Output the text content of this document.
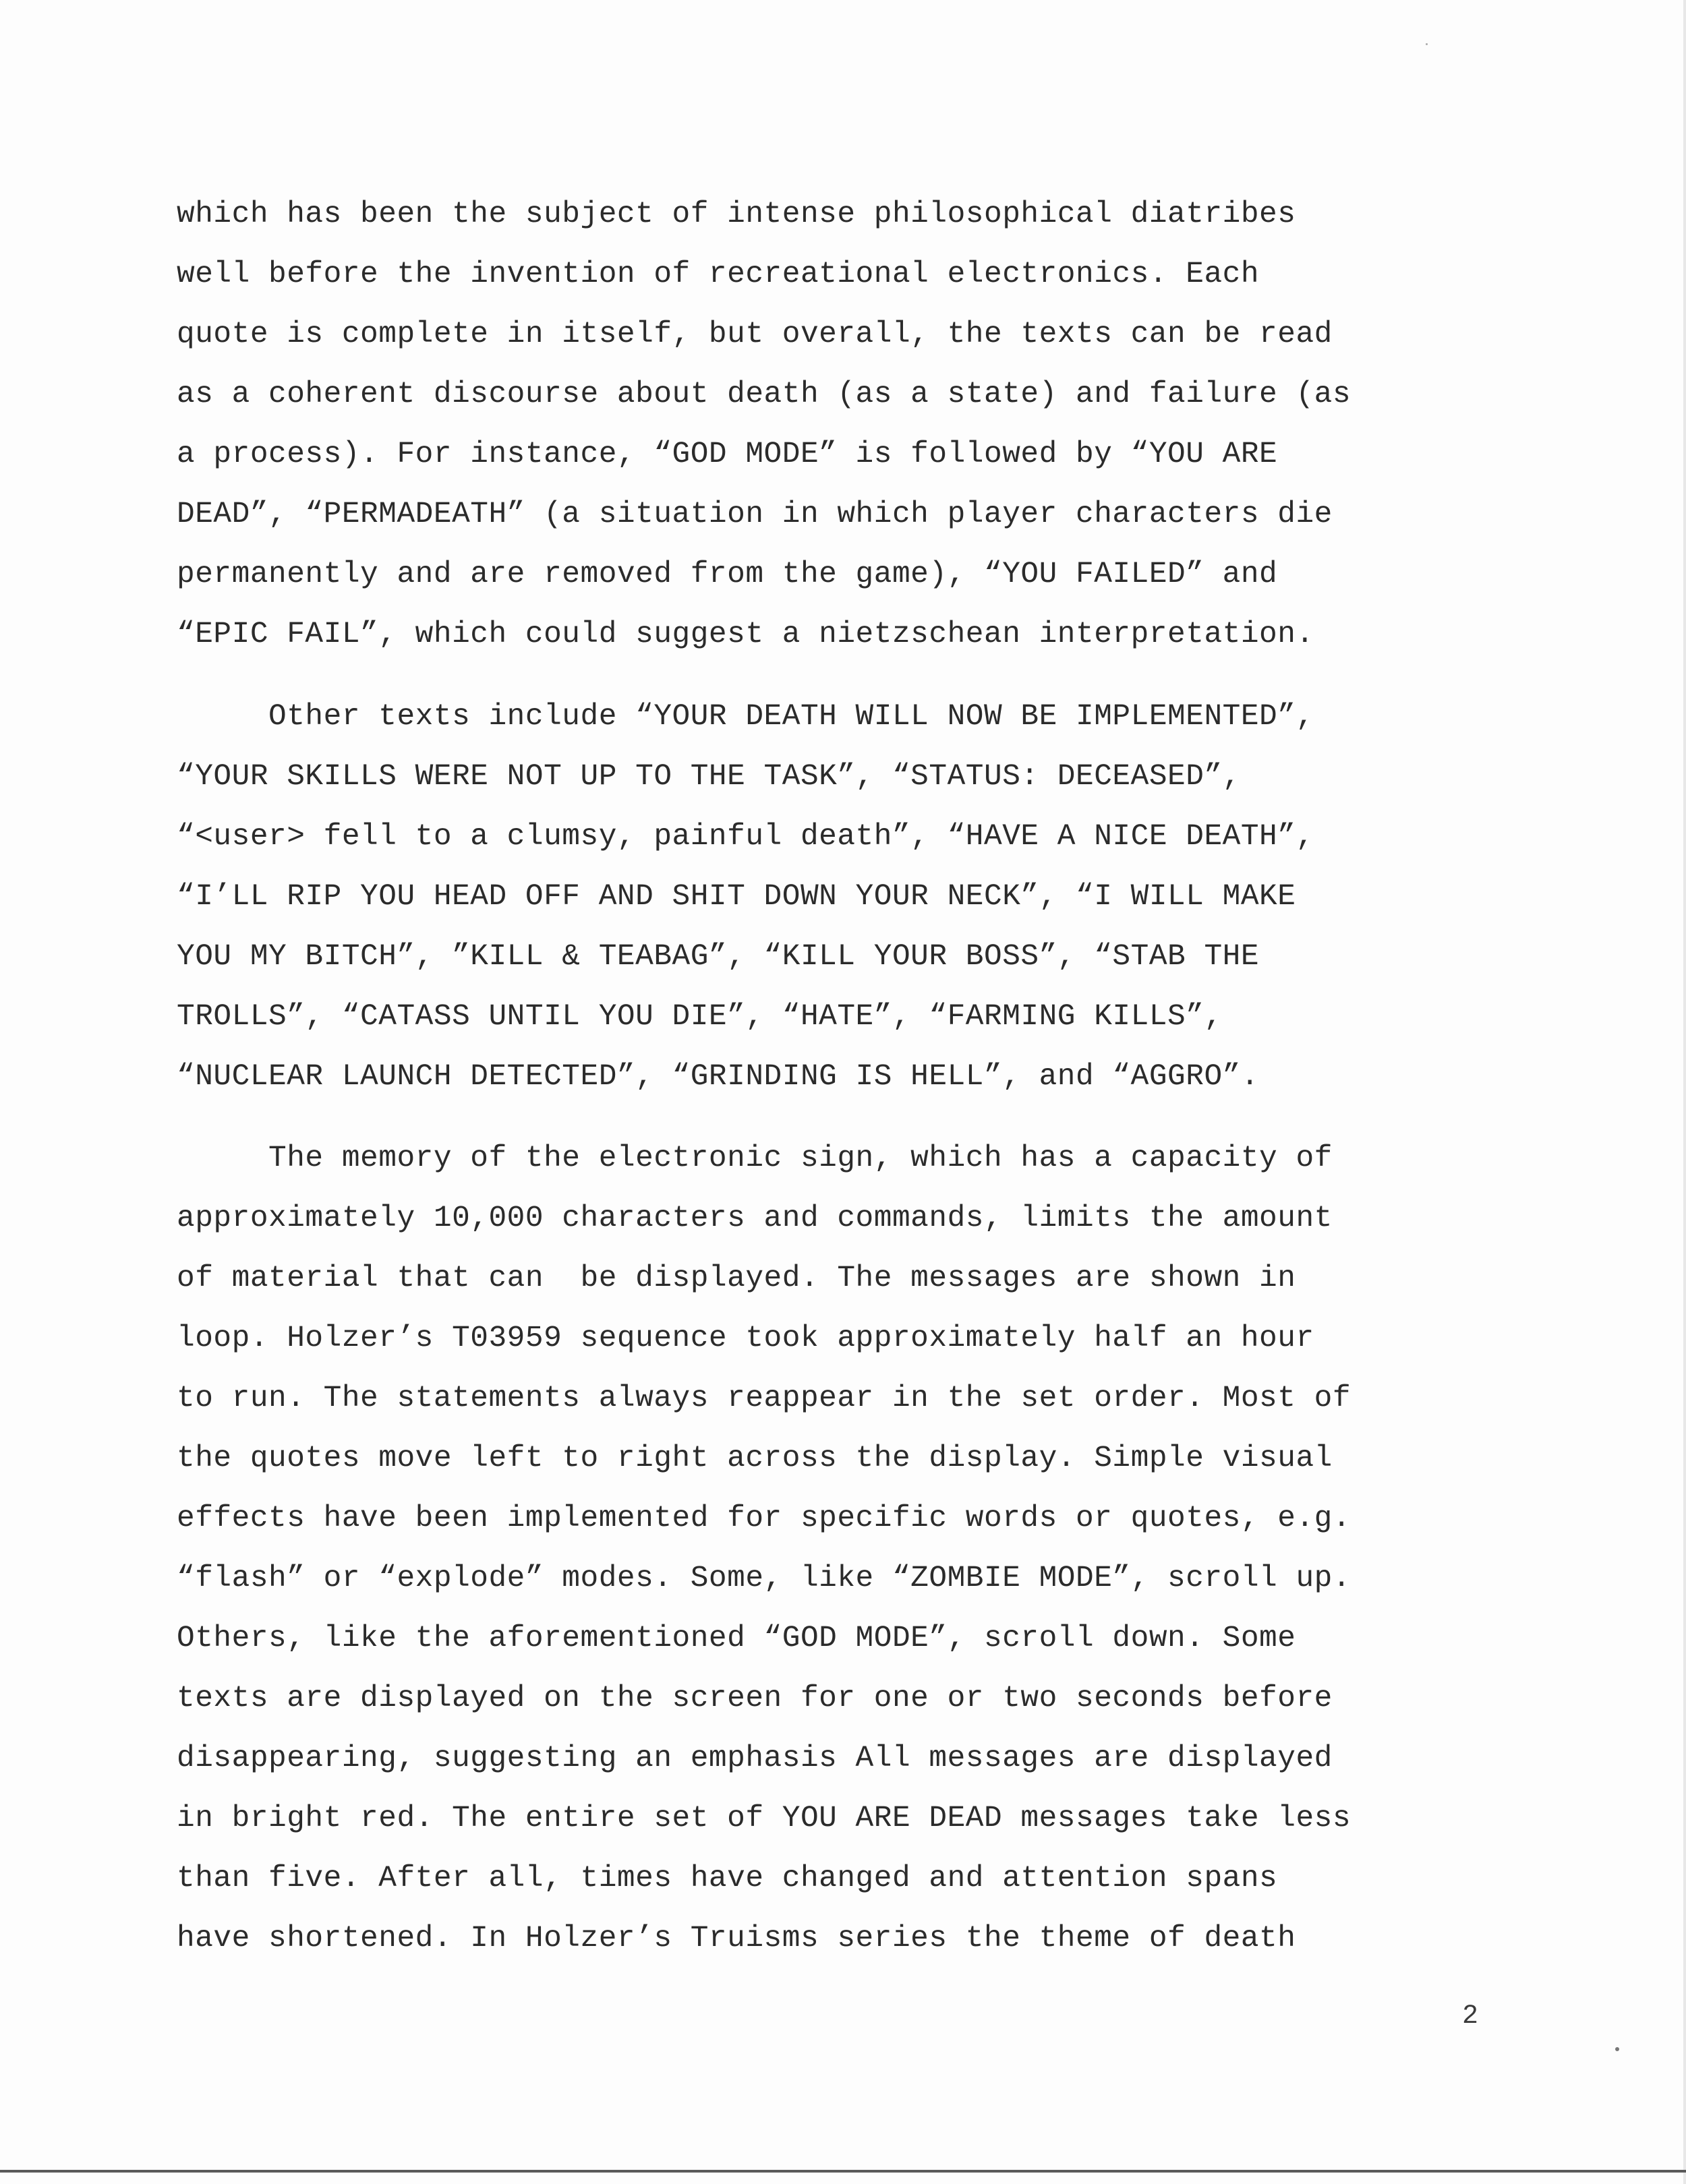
which has been the subject of intense philosophical diatribes
well before the invention of recreational electronics. Each
quote is complete in itself, but overall, the texts can be read
as a coherent discourse about death (as a state) and failure (as
a process). For instance, “GOD MODE” is followed by “YOU ARE
DEAD”, “PERMADEATH” (a situation in which player characters die
permanently and are removed from the game), “YOU FAILED” and
“EPIC FAIL”, which could suggest a nietzschean interpretation.
Other texts include “YOUR DEATH WILL NOW BE IMPLEMENTED”,
“YOUR SKILLS WERE NOT UP TO THE TASK”, “STATUS: DECEASED”,
“<user> fell to a clumsy, painful death”, “HAVE A NICE DEATH”,
“I’LL RIP YOU HEAD OFF AND SHIT DOWN YOUR NECK”, “I WILL MAKE
YOU MY BITCH”, ”KILL & TEABAG”, “KILL YOUR BOSS”, “STAB THE
TROLLS”, “CATASS UNTIL YOU DIE”, “HATE”, “FARMING KILLS”,
“NUCLEAR LAUNCH DETECTED”, “GRINDING IS HELL”, and “AGGRO”.
The memory of the electronic sign, which has a capacity of
approximately 10,000 characters and commands, limits the amount
of material that can  be displayed. The messages are shown in
loop. Holzer’s T03959 sequence took approximately half an hour
to run. The statements always reappear in the set order. Most of
the quotes move left to right across the display. Simple visual
effects have been implemented for specific words or quotes, e.g.
“flash” or “explode” modes. Some, like “ZOMBIE MODE”, scroll up.
Others, like the aforementioned “GOD MODE”, scroll down. Some
texts are displayed on the screen for one or two seconds before
disappearing, suggesting an emphasis All messages are displayed
in bright red. The entire set of YOU ARE DEAD messages take less
than five. After all, times have changed and attention spans
have shortened. In Holzer’s Truisms series the theme of death
2
